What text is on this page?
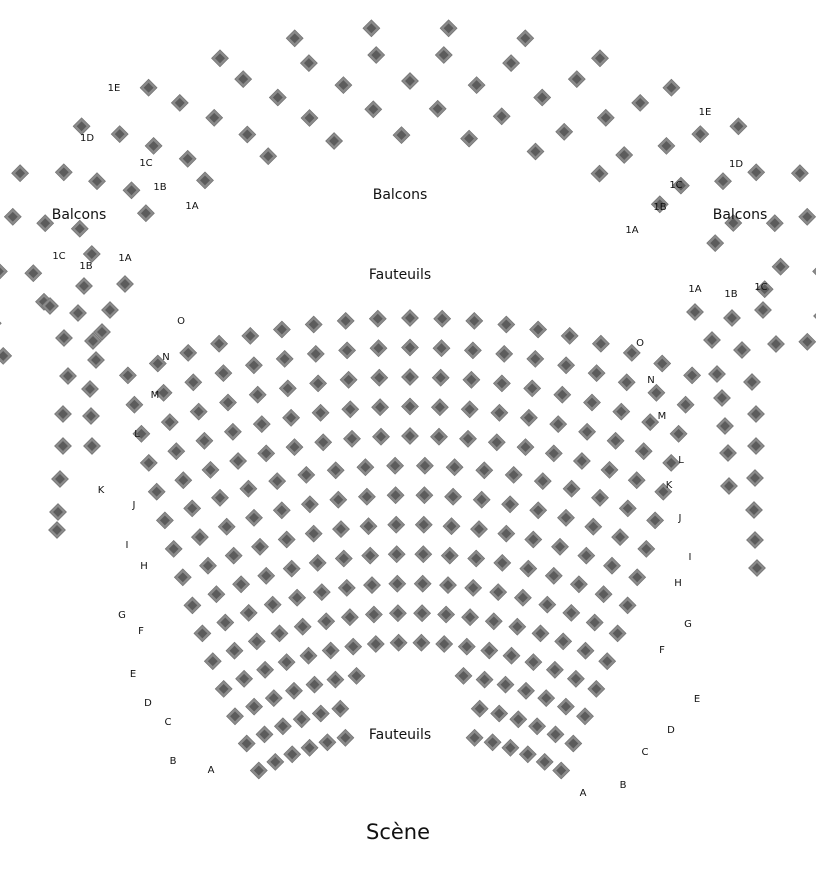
Balcons
Balcons	Balcons
Fauteuils
Fauteuils
Scène
1E
1D
1C
1B
1A
1E
1D
1C
1B
1A
1C
1B
1A
1A 1B
1C
O
N
M
L
K
J
I
H
G
F
E
D
C
B
A
O
N
M
L
K
J
I
H
G
F
E
D
C
B
A
